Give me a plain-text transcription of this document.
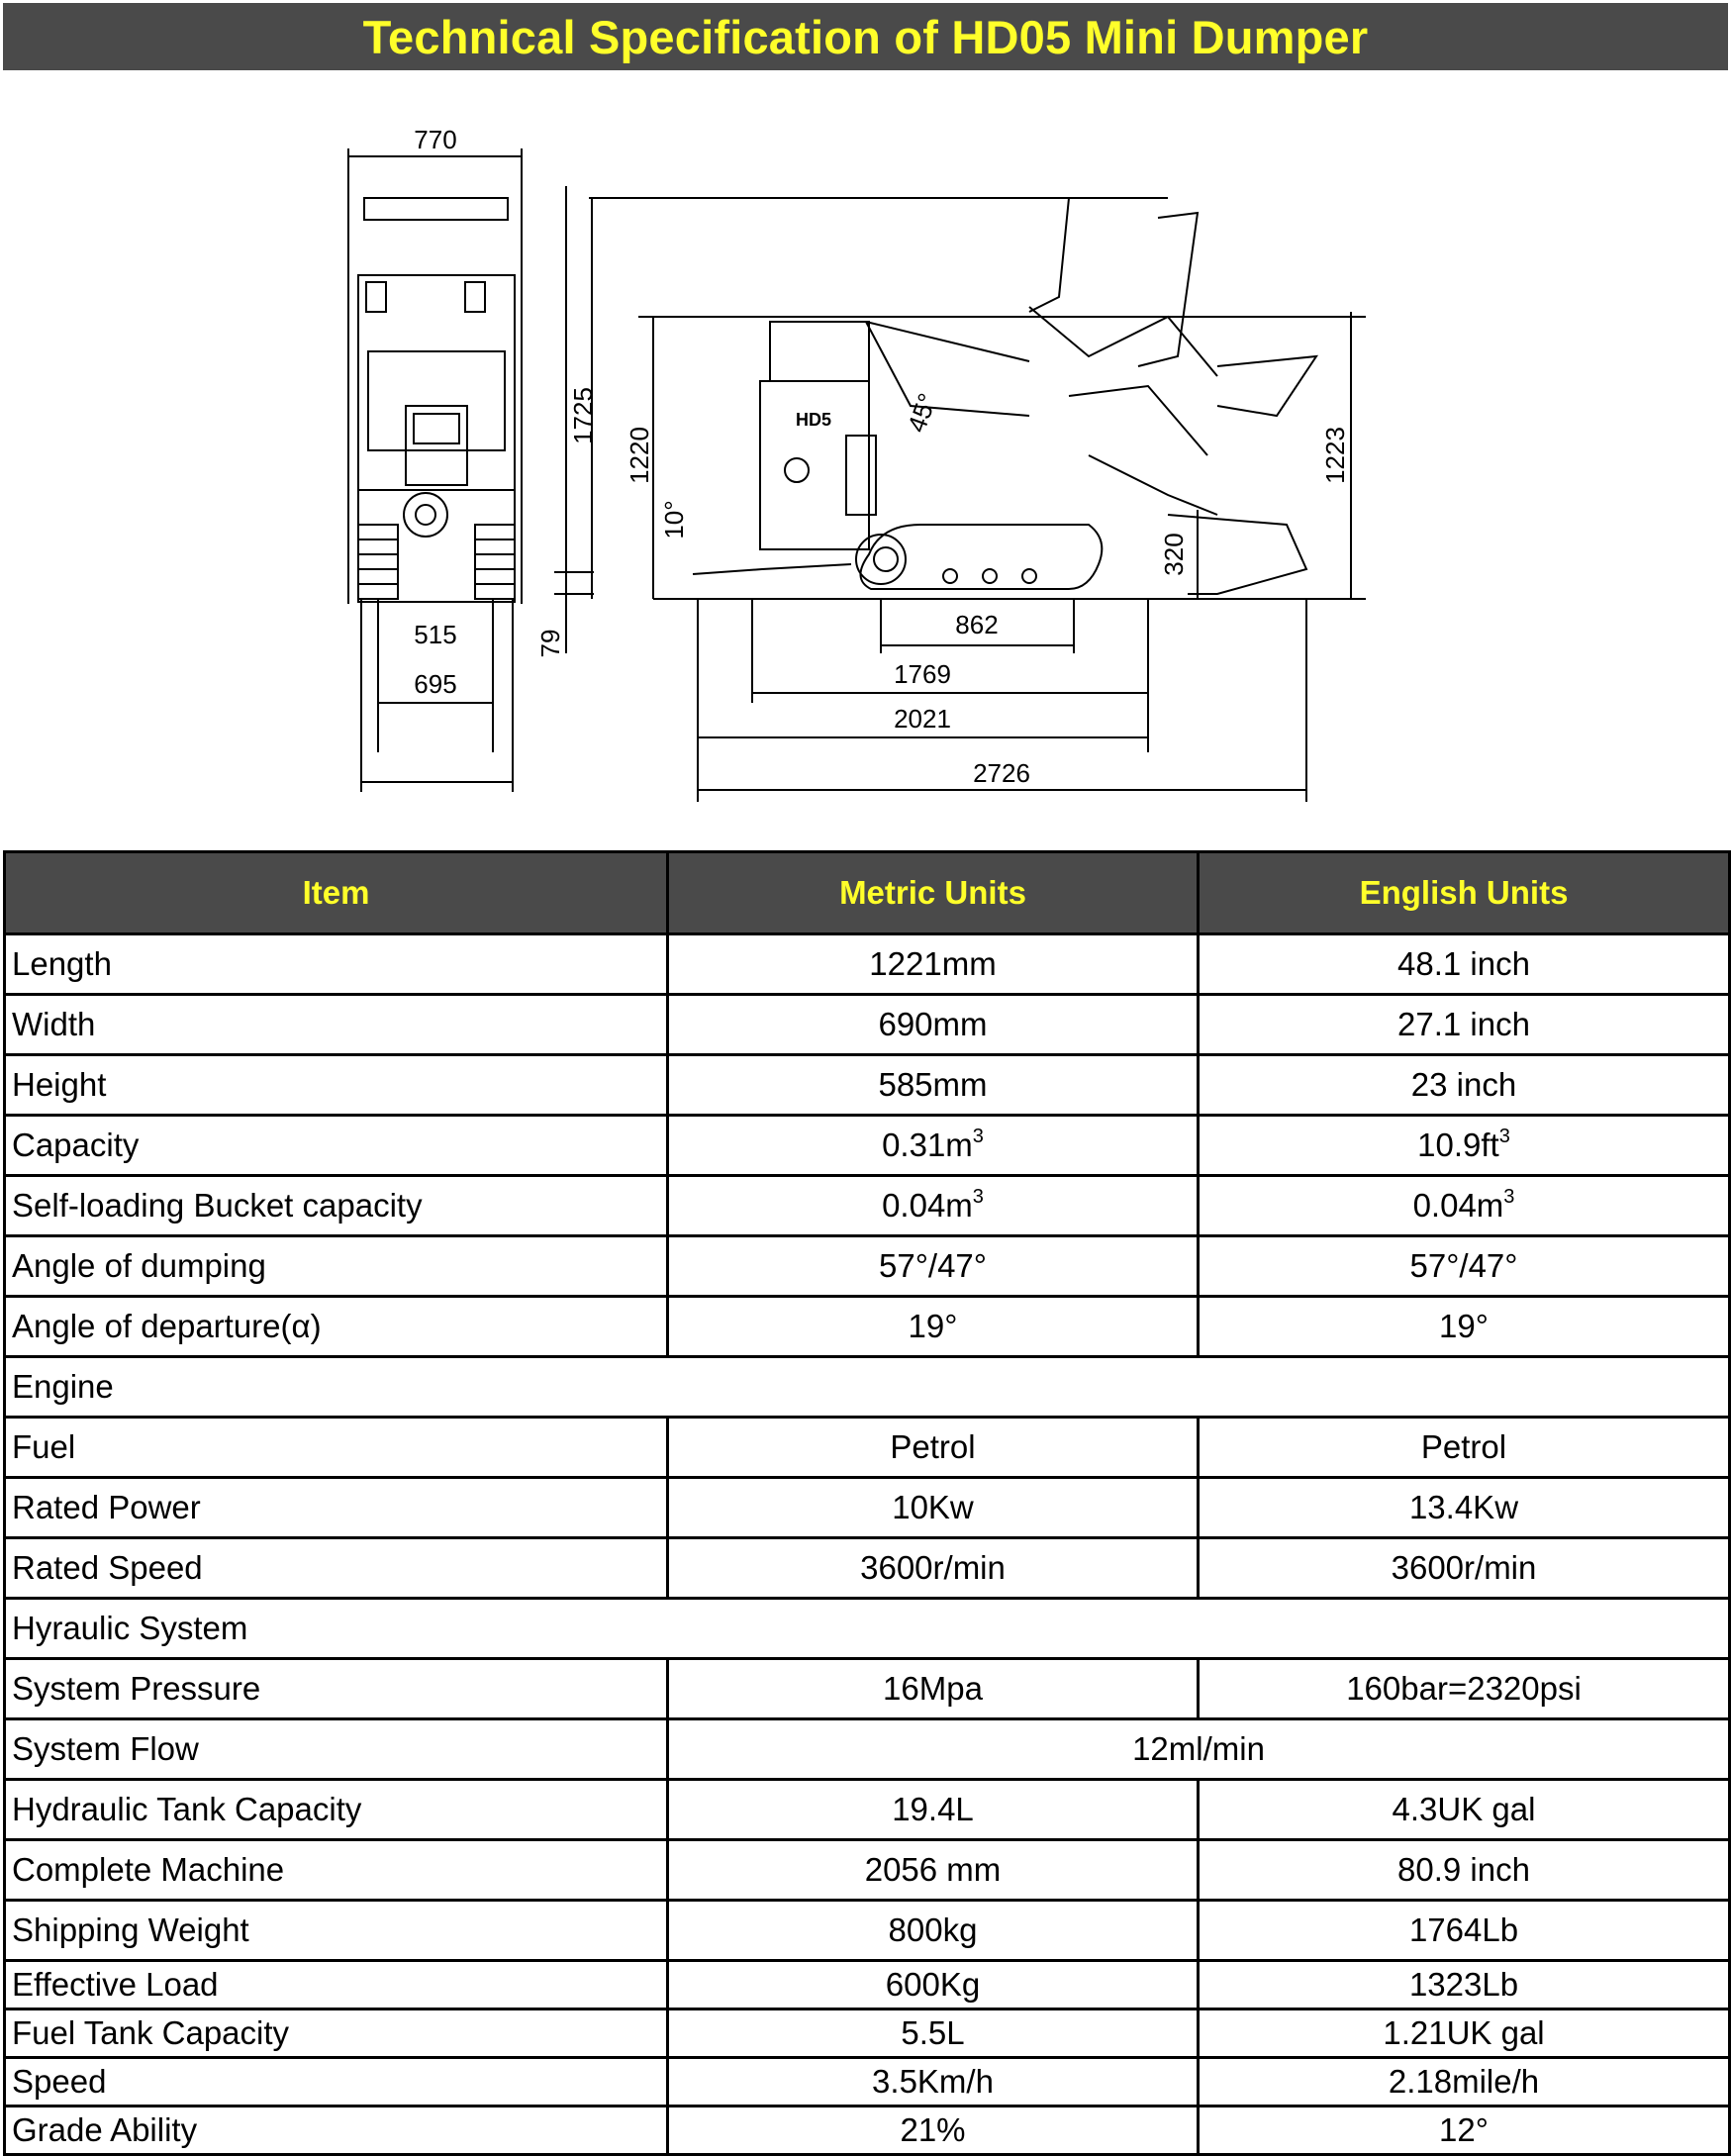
Technical Specification of HD05 Mini Dumper
770
1725
515
695
79
1220	1223
10°
45°
320
862
1769
2021
2726
HD5
Item	Metric Units	English Units
Length	1221mm	48.1 inch
Width	690mm	27.1 inch
Height	585mm	23 inch
Capacity	$0.31m^3$	$10.9ft^3$
Self-loading Bucket capacity	$0.04m^3$	$0.04m^3$
Angle of dumping	57°/47°	57°/47°
Angle of departure(α)	19°	19°
Engine		
Fuel	Petrol	Petrol
Rated Power	10Kw	13.4Kw
Rated Speed	3600r/min	3600r/min
Hyraulic System		
System Pressure	16Mpa	160bar=2320psi
System Flow	12ml/min	
Hydraulic Tank Capacity	19.4L	4.3UK gal
Complete Machine	2056 mm	80.9 inch
Shipping Weight	800kg	1764Lb
Effective Load	600Kg	1323Lb
Fuel Tank Capacity	5.5L	1.21UK gal
Speed	3.5Km/h	2.18mile/h
Grade Ability	21%	12°
